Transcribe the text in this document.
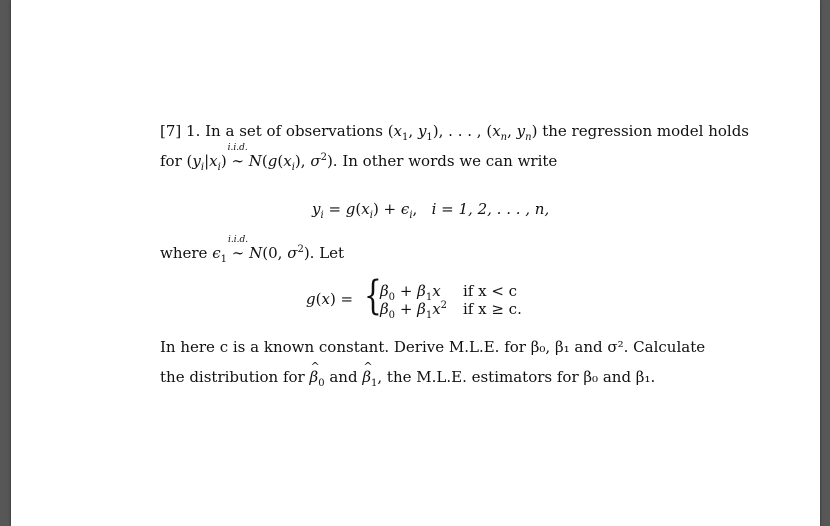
[7] 1. In a set of observations ($x_1$, $y_1$), . . . , ($x_n$, $y_n$) the regression model holds
for $(y_i|x_i)$
i.i.d.
∼ $N(g(x_i)$, $\sigma^2$). In other words we can write
$y_i = g(x_i) + \epsilon_i$,   i = 1, 2, . . . , n,
where $\epsilon_1$
i.i.d.
∼ N(0, $\sigma^2$). Let
g(x) = {
$\beta_0 + \beta_1x$ if x < c
$\beta_0 + \beta_1x^2$ if x ≥ c.
In here c is a known constant. Derive M.L.E. for β₀, β₁ and σ². Calculate
the distribution for ^ $\beta_0$ and ^ $\beta_1$, the M.L.E. estimators for β₀ and β₁.
